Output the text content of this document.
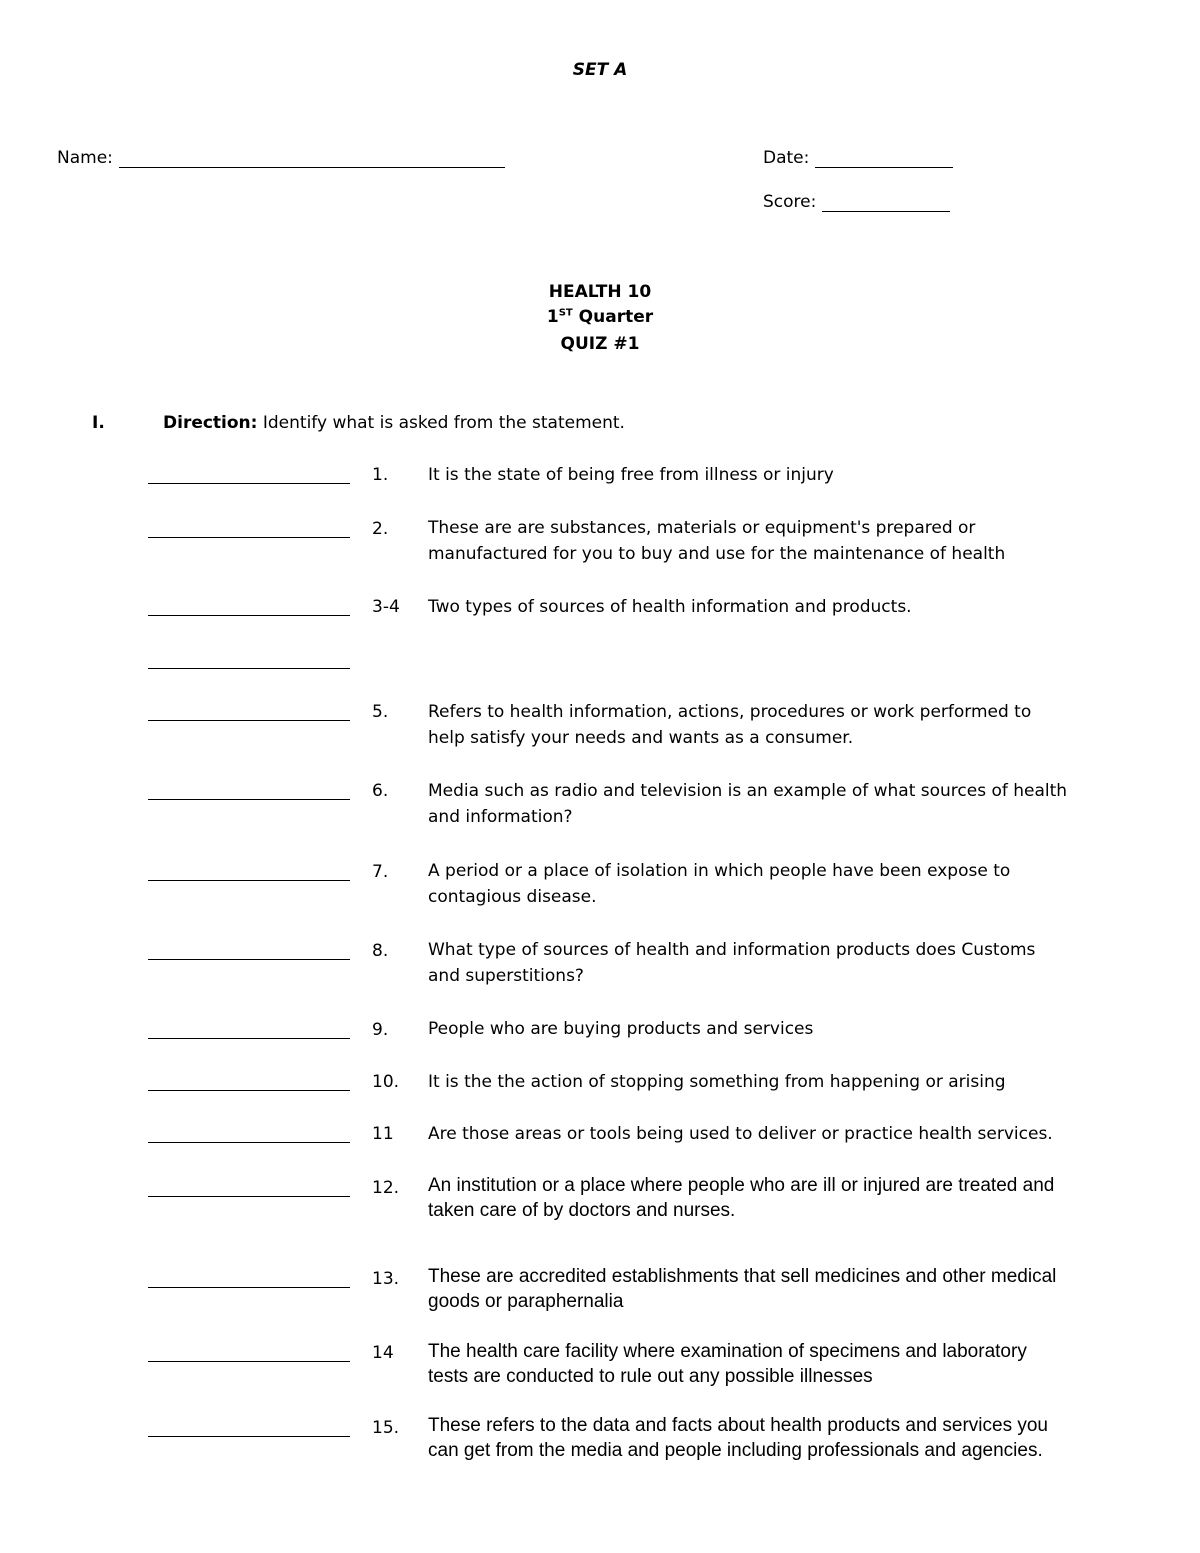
SET A
Name:	Date:
Score:
HEALTH 10
1ST Quarter
QUIZ #1
I.	Direction: Identify what is asked from the statement.
1. It is the state of being free from illness or injury
2. These are are substances, materials or equipment's prepared or manufactured for you to buy and use for the maintenance of health
3-4 Two types of sources of health information and products.
5. Refers to health information, actions, procedures or work performed to help satisfy your needs and wants as a consumer.
6. Media such as radio and television is an example of what sources of health and information?
7. A period or a place of isolation in which people have been expose to contagious disease.
8. What type of sources of health and information products does Customs and superstitions?
9. People who are buying products and services
10. It is the the action of stopping something from happening or arising
11 Are those areas or tools being used to deliver or practice health services.
12. An institution or a place where people who are ill or injured are treated and taken care of by doctors and nurses.
13. These are accredited establishments that sell medicines and other medical goods or paraphernalia
14 The health care facility where examination of specimens and laboratory tests are conducted to rule out any possible illnesses
15. These refers to the data and facts about health products and services you can get from the media and people including professionals and agencies.
